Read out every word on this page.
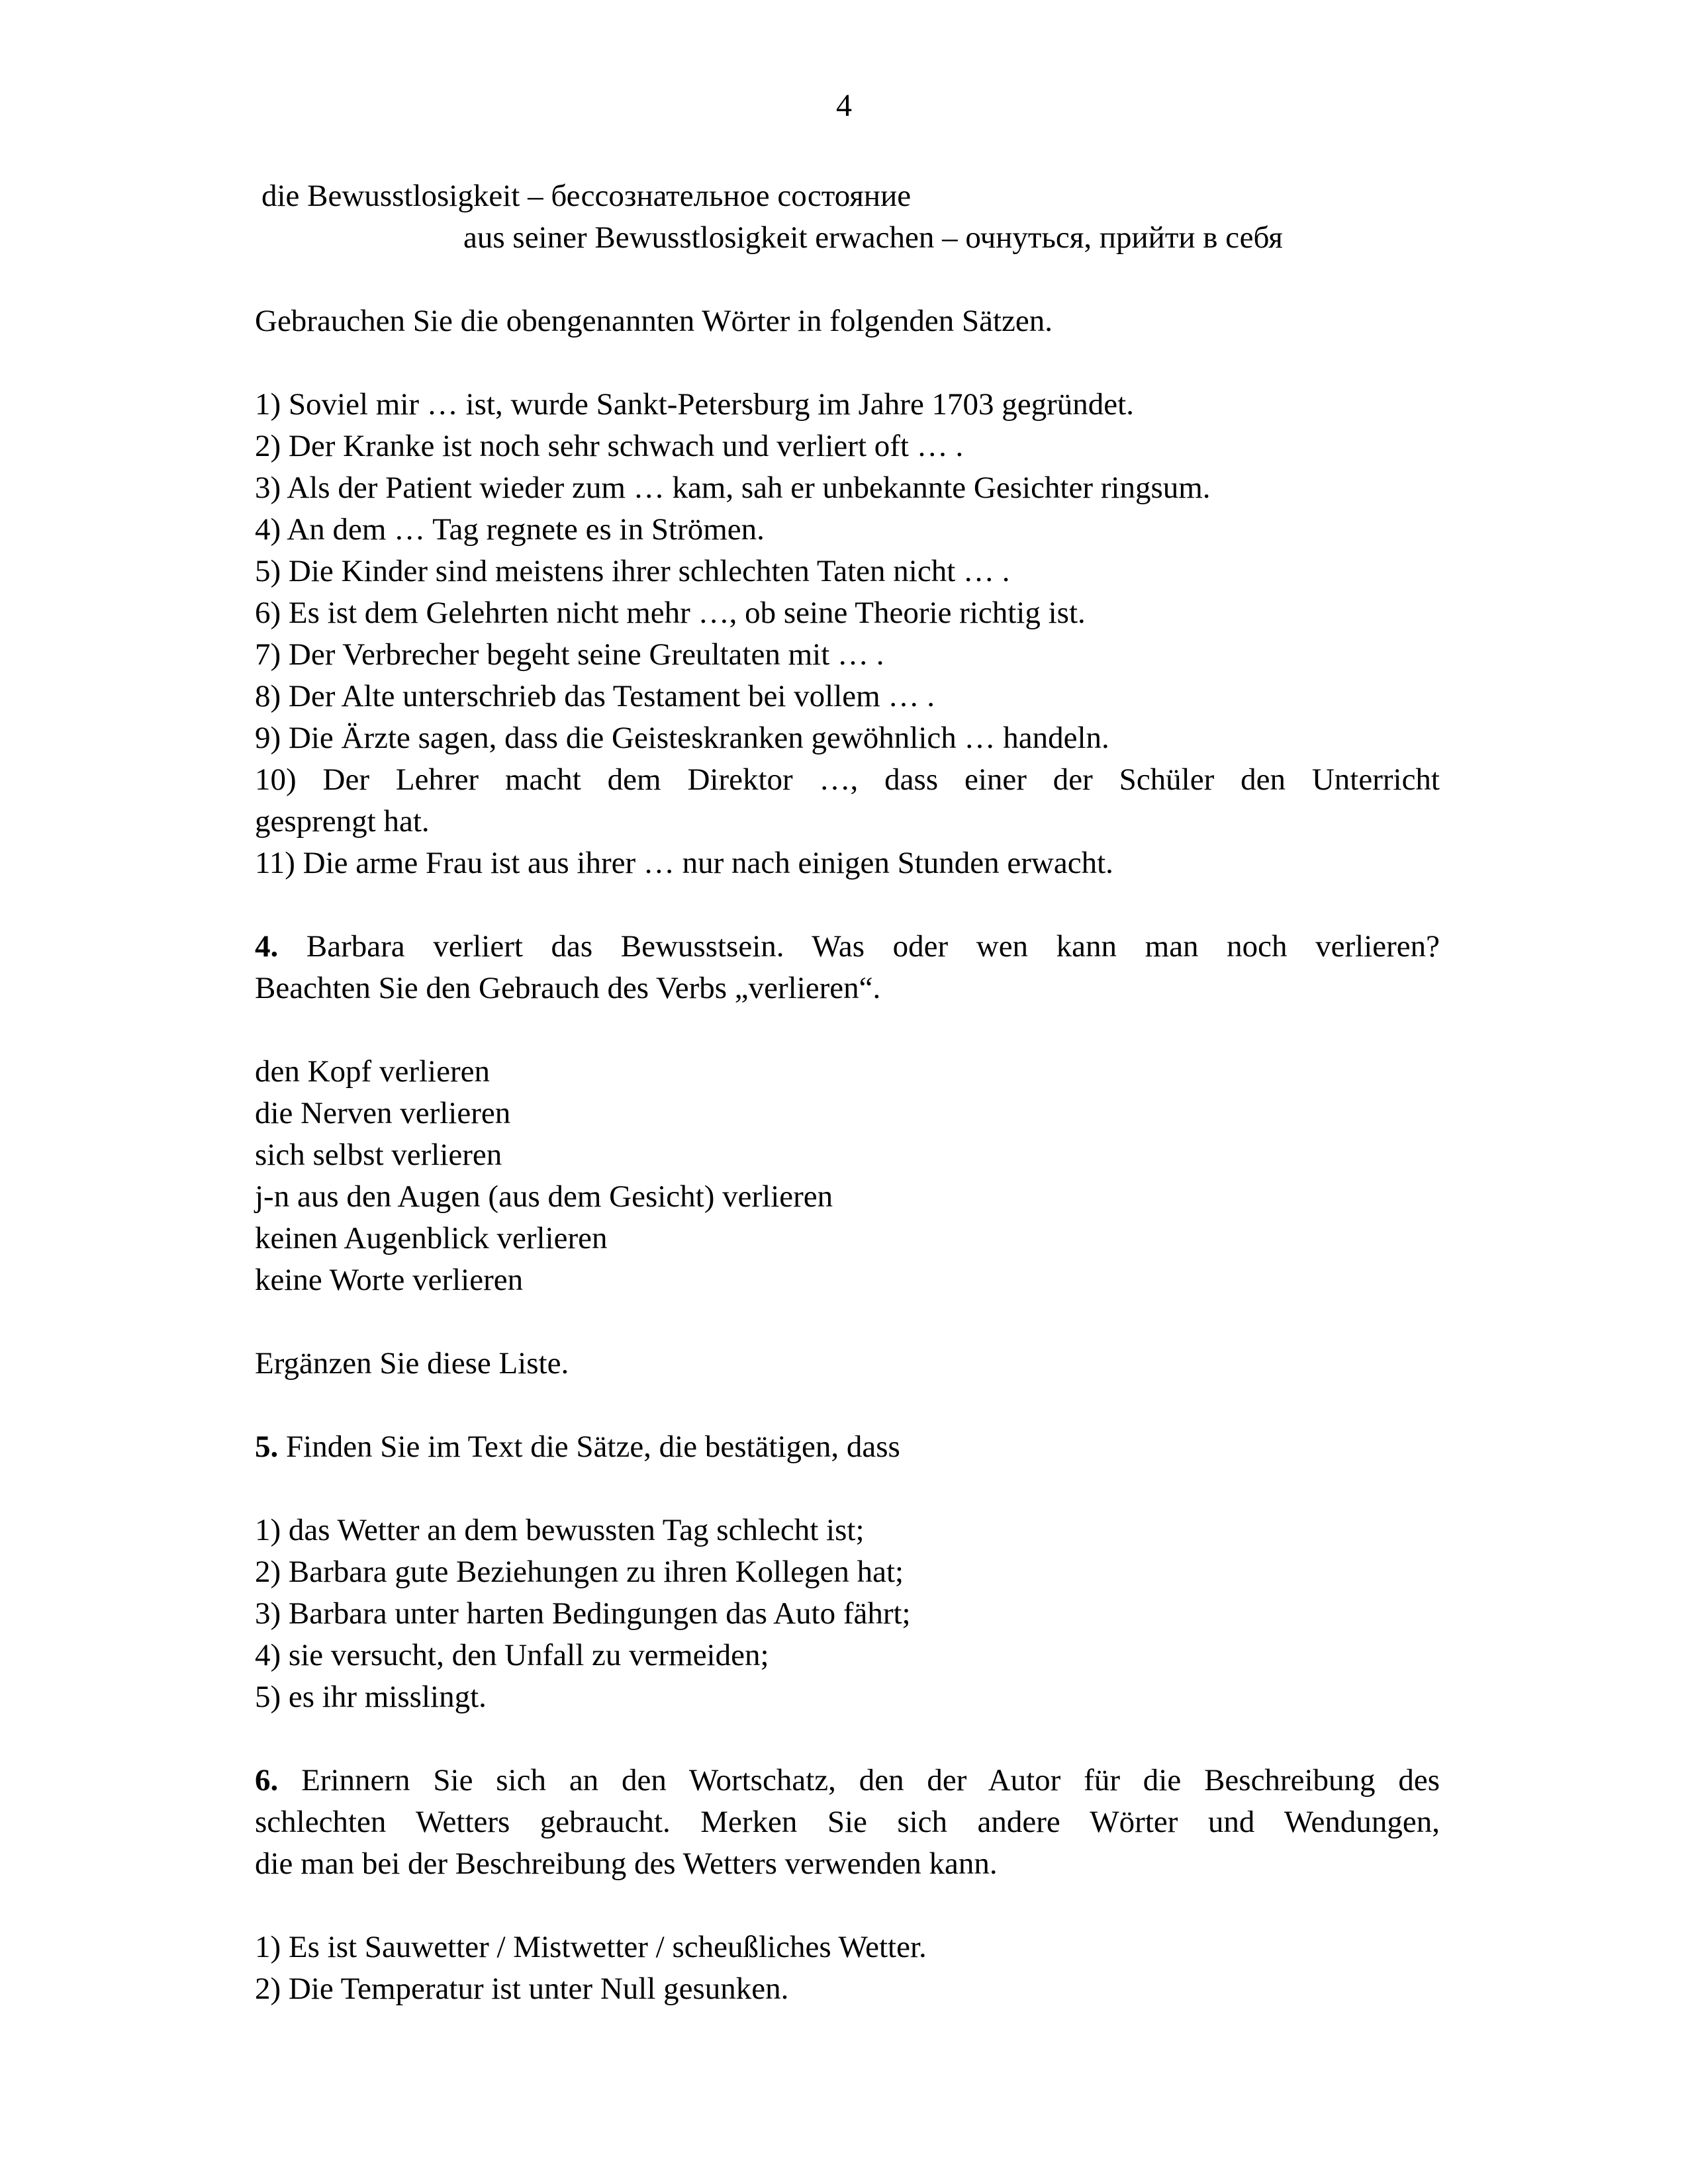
4
die Bewusstlosigkeit – бессознательное состояние
aus seiner Bewusstlosigkeit erwachen – очнуться, прийти в себя

Gebrauchen Sie die obengenannten Wörter in folgenden Sätzen.

1) Soviel mir … ist, wurde Sankt-Petersburg im Jahre 1703 gegründet.
2) Der Kranke ist noch sehr schwach und verliert oft … .
3) Als der Patient wieder zum … kam, sah er unbekannte Gesichter ringsum.
4) An dem … Tag regnete es in Strömen.
5) Die Kinder sind meistens ihrer schlechten Taten nicht … .
6) Es ist dem Gelehrten nicht mehr …, ob seine Theorie richtig ist.
7) Der Verbrecher begeht seine Greultaten mit … .
8) Der Alte unterschrieb das Testament bei vollem … .
9) Die Ärzte sagen, dass die Geisteskranken gewöhnlich … handeln.
10) Der Lehrer macht dem Direktor …, dass einer der Schüler den Unterricht
gesprengt hat.
11) Die arme Frau ist aus ihrer … nur nach einigen Stunden erwacht.

4. Barbara verliert das Bewusstsein. Was oder wen kann man noch verlieren?
Beachten Sie den Gebrauch des Verbs „verlieren“.

den Kopf verlieren
die Nerven verlieren
sich selbst verlieren
j-n aus den Augen (aus dem Gesicht) verlieren
keinen Augenblick verlieren
keine Worte verlieren

Ergänzen Sie diese Liste.

5. Finden Sie im Text die Sätze, die bestätigen, dass

1) das Wetter an dem bewussten Tag schlecht ist;
2) Barbara gute Beziehungen zu ihren Kollegen hat;
3) Barbara unter harten Bedingungen das Auto fährt;
4) sie versucht, den Unfall zu vermeiden;
5) es ihr misslingt.

6. Erinnern Sie sich an den Wortschatz, den der Autor für die Beschreibung des
schlechten Wetters gebraucht. Merken Sie sich andere Wörter und Wendungen,
die man bei der Beschreibung des Wetters verwenden kann.

1) Es ist Sauwetter / Mistwetter / scheußliches Wetter.
2) Die Temperatur ist unter Null gesunken.
